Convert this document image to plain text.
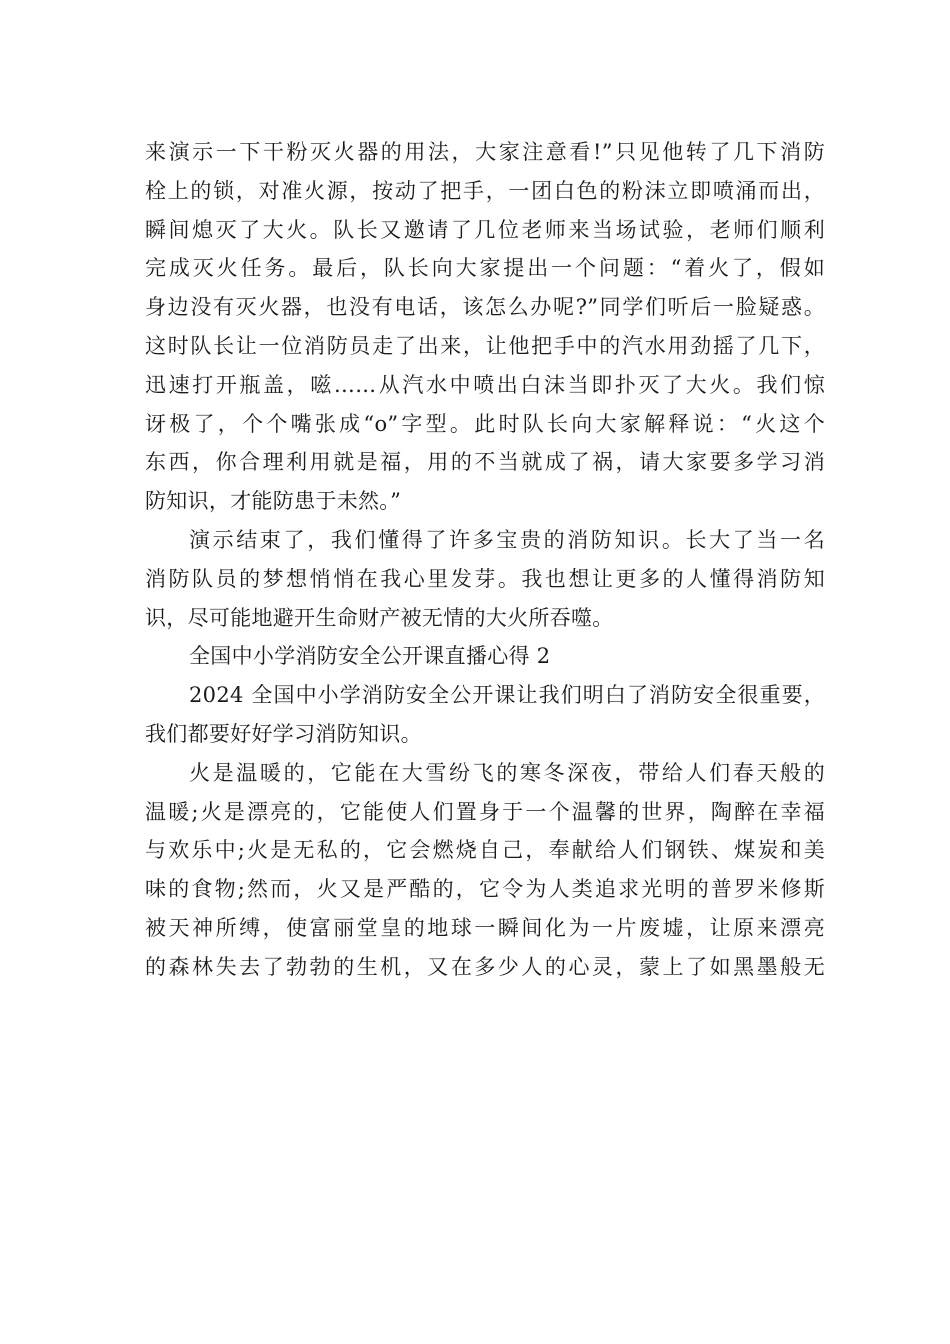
来演示一下干粉灭火器的用法，大家注意看!”只见他转了几下消防
栓上的锁，对准火源，按动了把手，一团白色的粉沫立即喷涌而出，
瞬间熄灭了大火。队长又邀请了几位老师来当场试验，老师们顺利
完成灭火任务。最后，队长向大家提出一个问题：“着火了，假如
身边没有灭火器，也没有电话，该怎么办呢?”同学们听后一脸疑惑。
这时队长让一位消防员走了出来，让他把手中的汽水用劲摇了几下，
迅速打开瓶盖，嗞……从汽水中喷出白沫当即扑灭了大火。我们惊
讶极了，个个嘴张成“o”字型。此时队长向大家解释说：“火这个
东西，你合理利用就是福，用的不当就成了祸，请大家要多学习消
防知识，才能防患于未然。”
演示结束了，我们懂得了许多宝贵的消防知识。长大了当一名
消防队员的梦想悄悄在我心里发芽。我也想让更多的人懂得消防知
识，尽可能地避开生命财产被无情的大火所吞噬。
全国中小学消防安全公开课直播心得 2
2024 全国中小学消防安全公开课让我们明白了消防安全很重要，
我们都要好好学习消防知识。
火是温暖的，它能在大雪纷飞的寒冬深夜，带给人们春天般的
温暖;火是漂亮的，它能使人们置身于一个温馨的世界，陶醉在幸福
与欢乐中;火是无私的，它会燃烧自己，奉献给人们钢铁、煤炭和美
味的食物;然而，火又是严酷的，它令为人类追求光明的普罗米修斯
被天神所缚，使富丽堂皇的地球一瞬间化为一片废墟，让原来漂亮
的森林失去了勃勃的生机，又在多少人的心灵，蒙上了如黑墨般无
